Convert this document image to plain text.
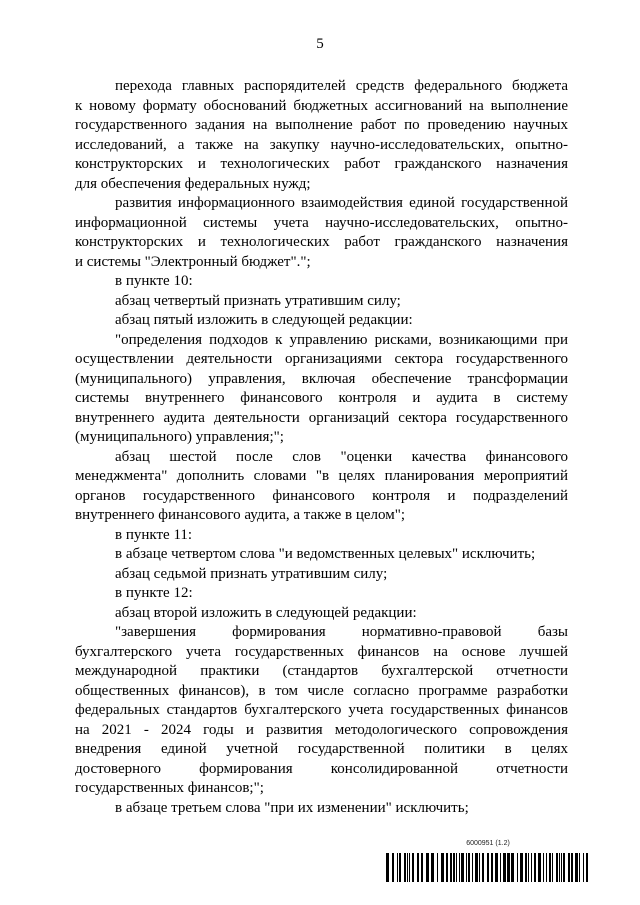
5
перехода главных распорядителей средств федерального бюджета
к новому формату обоснований бюджетных ассигнований на выполнение
государственного задания на выполнение работ по проведению научных
исследований, а также на закупку научно-исследовательских, опытно-
конструкторских и технологических работ гражданского назначения
для обеспечения федеральных нужд;
развития информационного взаимодействия единой государственной
информационной системы учета научно-исследовательских, опытно-
конструкторских и технологических работ гражданского назначения
и системы "Электронный бюджет".";
в пункте 10:
абзац четвертый признать утратившим силу;
абзац пятый изложить в следующей редакции:
"определения подходов к управлению рисками, возникающими при
осуществлении деятельности организациями сектора государственного
(муниципального) управления, включая обеспечение трансформации
системы внутреннего финансового контроля и аудита в систему
внутреннего аудита деятельности организаций сектора государственного
(муниципального) управления;";
абзац шестой после слов "оценки качества финансового
менеджмента" дополнить словами "в целях планирования мероприятий
органов государственного финансового контроля и подразделений
внутреннего финансового аудита, а также в целом";
в пункте 11:
в абзаце четвертом слова "и ведомственных целевых" исключить;
абзац седьмой признать утратившим силу;
в пункте 12:
абзац второй изложить в следующей редакции:
"завершения формирования нормативно-правовой базы
бухгалтерского учета государственных финансов на основе лучшей
международной практики (стандартов бухгалтерской отчетности
общественных финансов), в том числе согласно программе разработки
федеральных стандартов бухгалтерского учета государственных финансов
на 2021 - 2024 годы и развития методологического сопровождения
внедрения единой учетной государственной политики в целях
достоверного формирования консолидированной отчетности
государственных финансов;";
в абзаце третьем слова "при их изменении" исключить;
6000951 (1.2)
